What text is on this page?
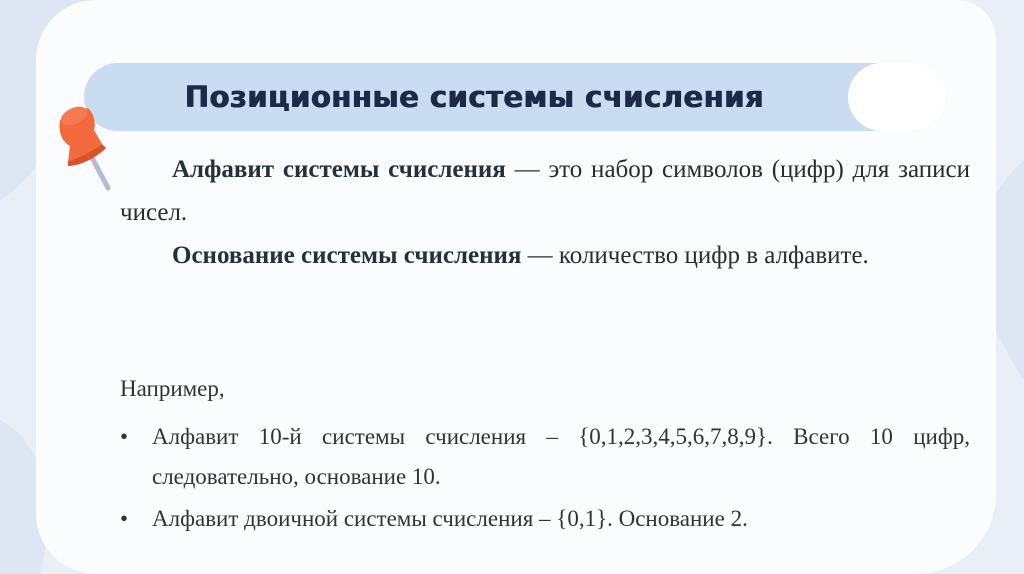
Позиционные системы счисления

Алфавит системы счисления — это набор символов (цифр) для записи чисел.

Основание системы счисления — количество цифр в алфавите.

Например,

• Алфавит 10-й системы счисления – {0,1,2,3,4,5,6,7,8,9}. Всего 10 цифр, следовательно, основание 10.
• Алфавит двоичной системы счисления – {0,1}. Основание 2.
